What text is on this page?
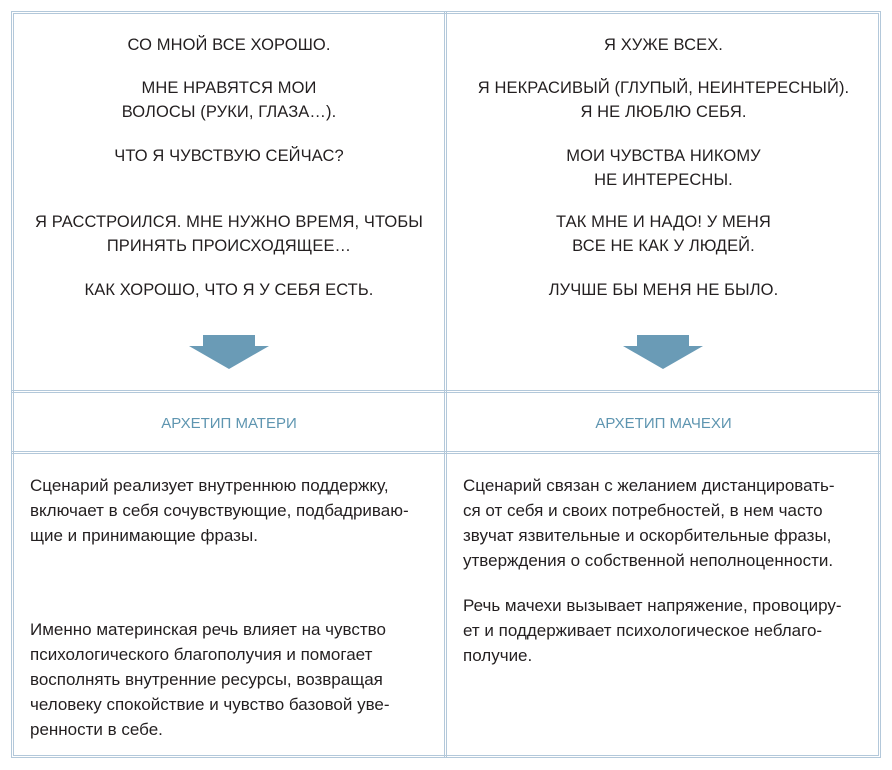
СО МНОЙ ВСЕ ХОРОШО.
МНЕ НРАВЯТСЯ МОИ
ВОЛОСЫ (РУКИ, ГЛАЗА…).
ЧТО Я ЧУВСТВУЮ СЕЙЧАС?
Я РАССТРОИЛСЯ. МНЕ НУЖНО ВРЕМЯ, ЧТОБЫ
ПРИНЯТЬ ПРОИСХОДЯЩЕЕ…
КАК ХОРОШО, ЧТО Я У СЕБЯ ЕСТЬ.
АРХЕТИП МАТЕРИ
Сценарий реализует внутреннюю поддержку,
включает в себя сочувствующие, подбадриваю-
щие и принимающие фразы.
Именно материнская речь влияет на чувство
психологического благополучия и помогает
восполнять внутренние ресурсы, возвращая
человеку спокойствие и чувство базовой уве-
ренности в себе.
Я ХУЖЕ ВСЕХ.
Я НЕКРАСИВЫЙ (ГЛУПЫЙ, НЕИНТЕРЕСНЫЙ).
Я НЕ ЛЮБЛЮ СЕБЯ.
МОИ ЧУВСТВА НИКОМУ
НЕ ИНТЕРЕСНЫ.
ТАК МНЕ И НАДО! У МЕНЯ
ВСЕ НЕ КАК У ЛЮДЕЙ.
ЛУЧШЕ БЫ МЕНЯ НЕ БЫЛО.
АРХЕТИП МАЧЕХИ
Сценарий связан с желанием дистанцировать-
ся от себя и своих потребностей, в нем часто
звучат язвительные и оскорбительные фразы,
утверждения о собственной неполноценности.
Речь мачехи вызывает напряжение, провоциру-
ет и поддерживает психологическое неблаго-
получие.
